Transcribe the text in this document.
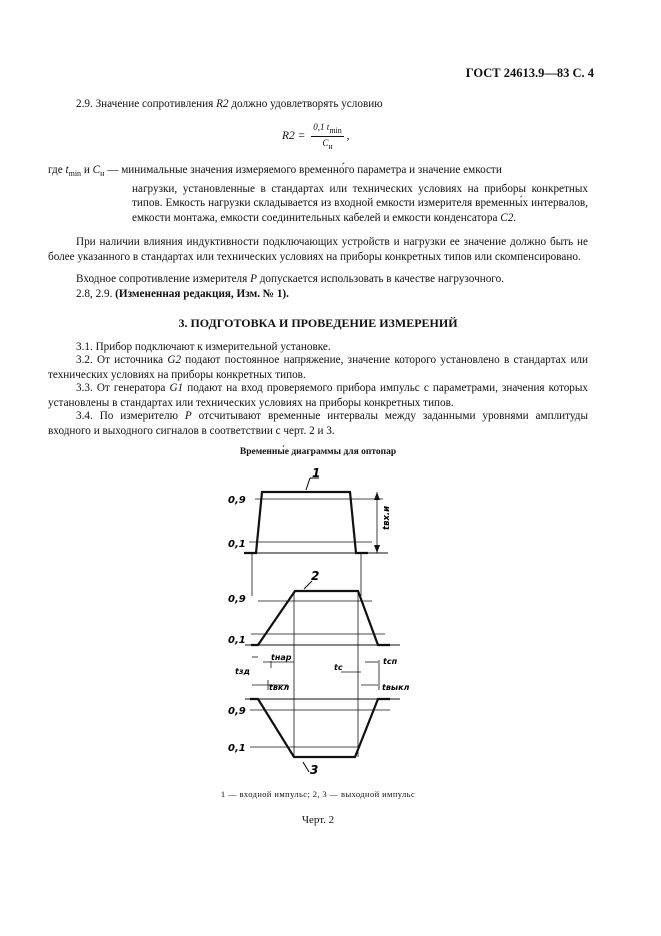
ГОСТ 24613.9—83 С. 4
2.9. Значение сопротивления R2 должно удовлетворять условию
$R2 = \frac{0,1 t_{min}}{C_н}$ ,
где $t_{min}$ и $C_н$ — минимальные значения измеряемого временно́го параметра и значение емкости
нагрузки, установленные в стандартах или технических условиях на приборы конкретных типов. Емкость нагрузки складывается из входной емкости измерителя временны́х интервалов, емкости монтажа, емкости соединительных кабелей и емкости конденсатора C2.
При наличии влияния индуктивности подключающих устройств и нагрузки ее значение должно быть не более указанного в стандартах или технических условиях на приборы конкретных типов или скомпенсировано.
Входное сопротивление измерителя P допускается использовать в качестве нагрузочного.
2.8, 2.9. (Измененная редакция, Изм. № 1).
3. ПОДГОТОВКА И ПРОВЕДЕНИЕ ИЗМЕРЕНИЙ
3.1. Прибор подключают к измерительной установке.
3.2. От источника G2 подают постоянное напряжение, значение которого установлено в стандартах или технических условиях на приборы конкретных типов.
3.3. От генератора G1 подают на вход проверяемого прибора импульс с параметрами, значения которых установлены в стандартах или технических условиях на приборы конкретных типов.
3.4. По измерителю P отсчитывают временные интервалы между заданными уровнями амплитуды входного и выходного сигналов в соответствии с черт. 2 и 3.
Временны́е диаграммы для оптопар
0,9
0,1
0,9
0,1
0,9
0,1
1
2
3
tвх.и
tнар
tзд
tвкл
tс
tсп
tвыкл
1 — входной импульс; 2, 3 — выходной импульс
Черт. 2
